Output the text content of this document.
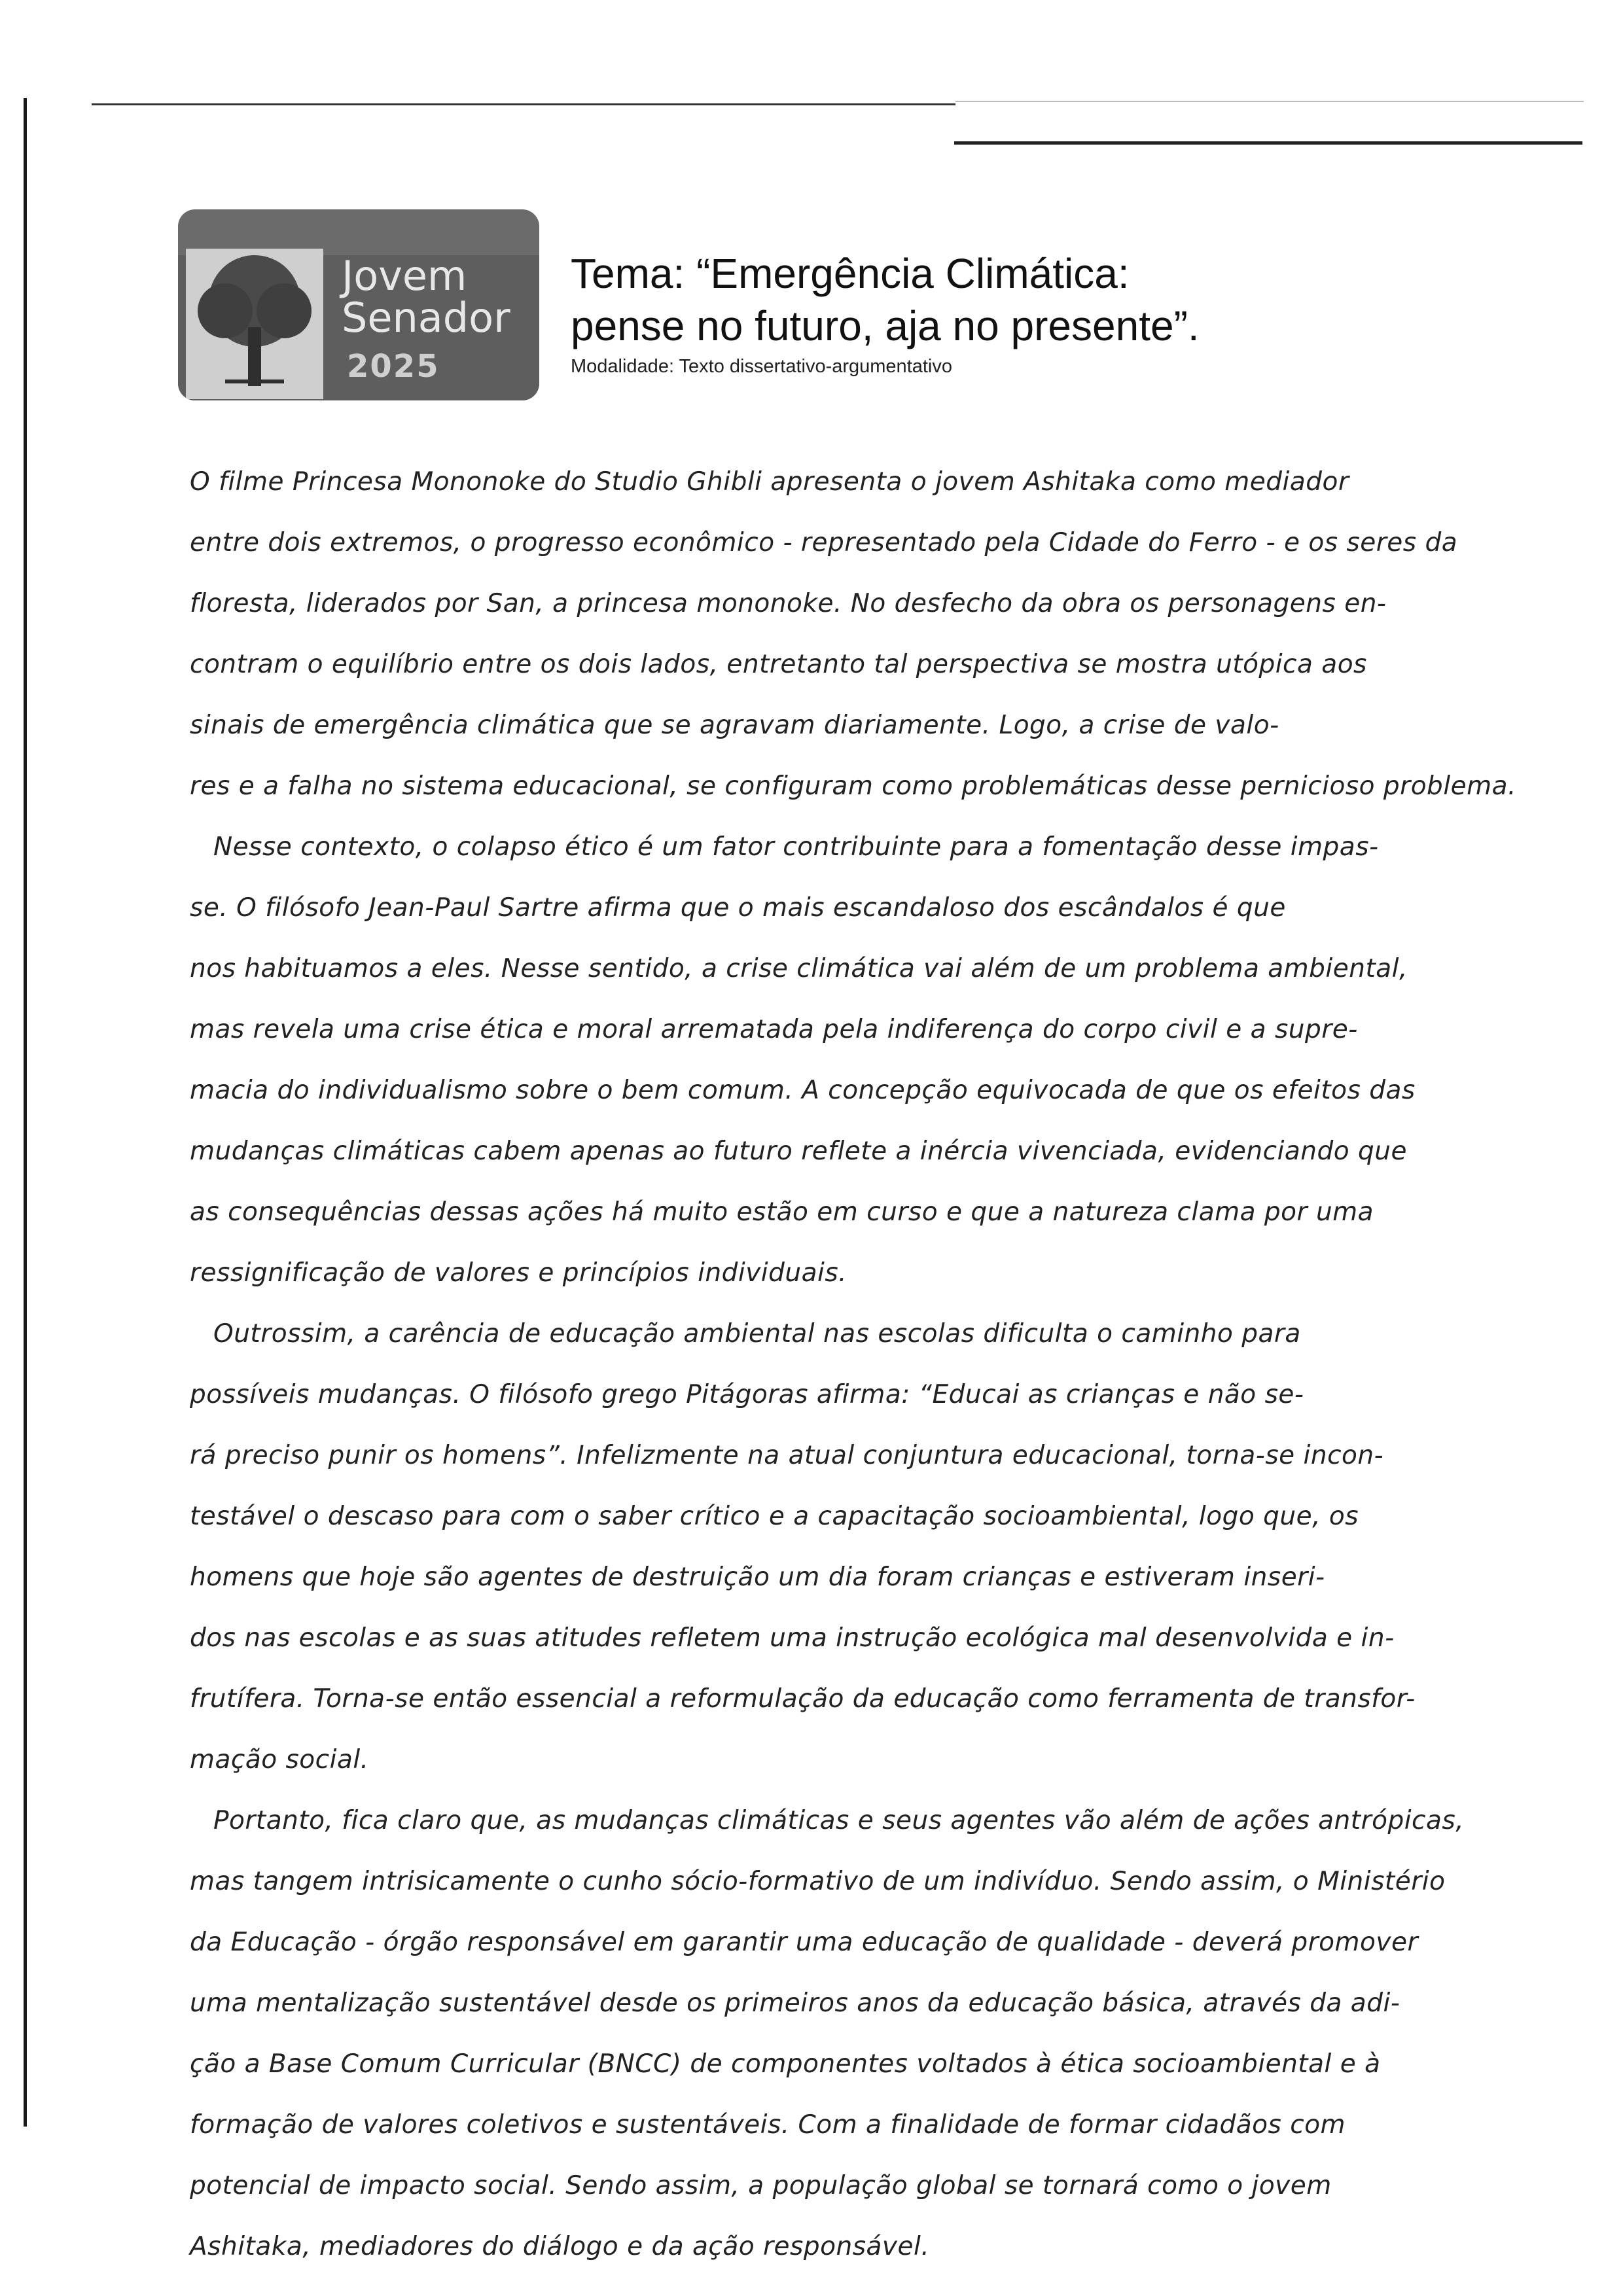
Jovem
Senador
2025
Tema: “Emergência Climática:
pense no futuro, aja no presente”.
Modalidade: Texto dissertativo-argumentativo
O filme Princesa Mononoke do Studio Ghibli apresenta o jovem Ashitaka como mediador
entre dois extremos, o progresso econômico - representado pela Cidade do Ferro - e os seres da
floresta, liderados por San, a princesa mononoke. No desfecho da obra os personagens en-
contram o equilíbrio entre os dois lados, entretanto tal perspectiva se mostra utópica aos
sinais de emergência climática que se agravam diariamente. Logo, a crise de valo-
res e a falha no sistema educacional, se configuram como problemáticas desse pernicioso problema.
Nesse contexto, o colapso ético é um fator contribuinte para a fomentação desse impas-
se. O filósofo Jean-Paul Sartre afirma que o mais escandaloso dos escândalos é que
nos habituamos a eles. Nesse sentido, a crise climática vai além de um problema ambiental,
mas revela uma crise ética e moral arrematada pela indiferença do corpo civil e a supre-
macia do individualismo sobre o bem comum. A concepção equivocada de que os efeitos das
mudanças climáticas cabem apenas ao futuro reflete a inércia vivenciada, evidenciando que
as consequências dessas ações há muito estão em curso e que a natureza clama por uma
ressignificação de valores e princípios individuais.
Outrossim, a carência de educação ambiental nas escolas dificulta o caminho para
possíveis mudanças. O filósofo grego Pitágoras afirma: “Educai as crianças e não se-
rá preciso punir os homens”. Infelizmente na atual conjuntura educacional, torna-se incon-
testável o descaso para com o saber crítico e a capacitação socioambiental, logo que, os
homens que hoje são agentes de destruição um dia foram crianças e estiveram inseri-
dos nas escolas e as suas atitudes refletem uma instrução ecológica mal desenvolvida e in-
frutífera. Torna-se então essencial a reformulação da educação como ferramenta de transfor-
mação social.
Portanto, fica claro que, as mudanças climáticas e seus agentes vão além de ações antrópicas,
mas tangem intrisicamente o cunho sócio-formativo de um indivíduo. Sendo assim, o Ministério
da Educação - órgão responsável em garantir uma educação de qualidade - deverá promover
uma mentalização sustentável desde os primeiros anos da educação básica, através da adi-
ção a Base Comum Curricular (BNCC) de componentes voltados à ética socioambiental e à
formação de valores coletivos e sustentáveis. Com a finalidade de formar cidadãos com
potencial de impacto social. Sendo assim, a população global se tornará como o jovem
Ashitaka, mediadores do diálogo e da ação responsável.
